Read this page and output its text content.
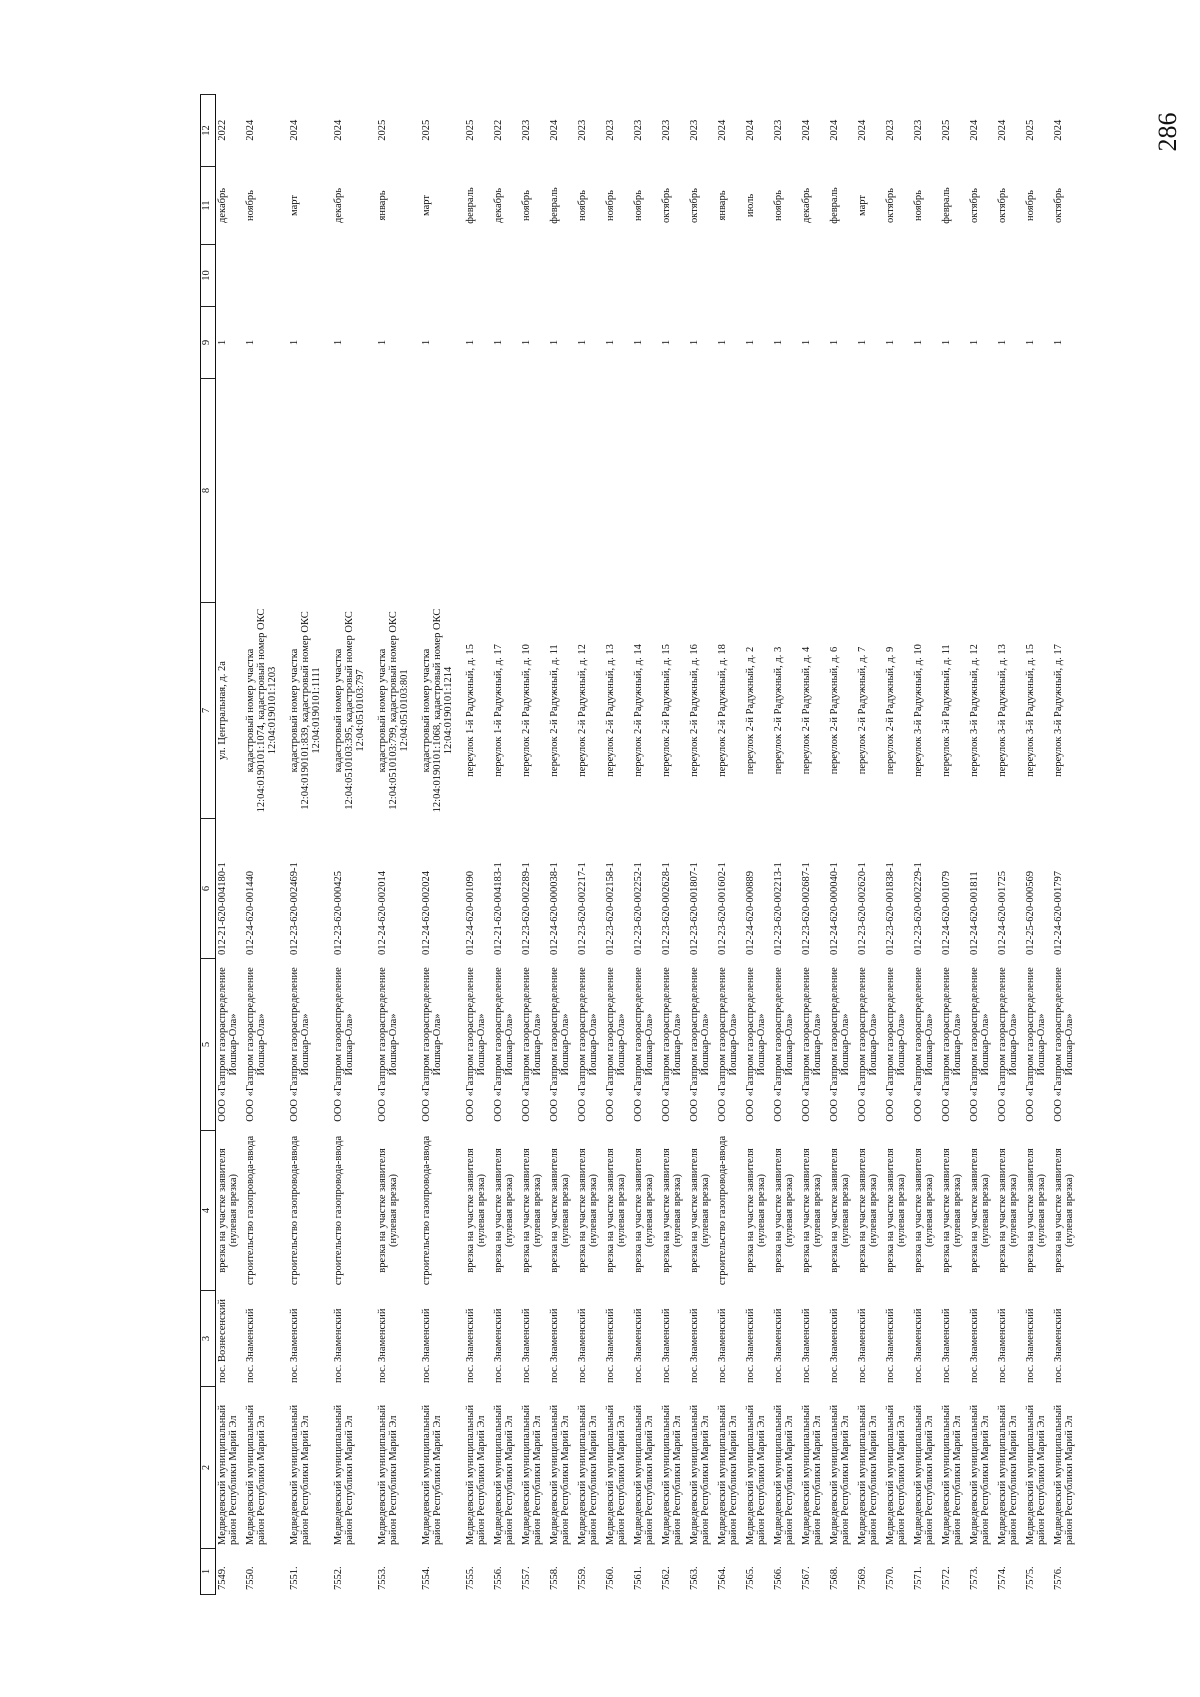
286
1	2	3	4	5	6	7	8	9	10	11	12
7549.	Медведевский муниципальный район Республики Марий Эл	пос. Вознесенский	врезка на участке заявителя (нулевая врезка)	ООО «Газпром газораспределение Йошкар-Ола»	012-21-620-004180-1	ул. Центральная, д. 2а		1		декабрь	2022
7550.	Медведевский муниципальный район Республики Марий Эл	пос. Знаменский	строительство газопровода-ввода	ООО «Газпром газораспределение Йошкар-Ола»	012-24-620-001440	кадастровый номер участка 12:04:0190101:1074, кадастровый номер ОКС 12:04:0190101:1203		1		ноябрь	2024
7551.	Медведевский муниципальный район Республики Марий Эл	пос. Знаменский	строительство газопровода-ввода	ООО «Газпром газораспределение Йошкар-Ола»	012-23-620-002469-1	кадастровый номер участка 12:04:0190101:839, кадастровый номер ОКС 12:04:0190101:1111		1		март	2024
7552.	Медведевский муниципальный район Республики Марий Эл	пос. Знаменский	строительство газопровода-ввода	ООО «Газпром газораспределение Йошкар-Ола»	012-23-620-000425	кадастровый номер участка 12:04:0510103:395, кадастровый номер ОКС 12:04:0510103:797		1		декабрь	2024
7553.	Медведевский муниципальный район Республики Марий Эл	пос. Знаменский	врезка на участке заявителя (нулевая врезка)	ООО «Газпром газораспределение Йошкар-Ола»	012-24-620-002014	кадастровый номер участка 12:04:0510103:799, кадастровый номер ОКС 12:04:0510103:801		1		январь	2025
7554.	Медведевский муниципальный район Республики Марий Эл	пос. Знаменский	строительство газопровода-ввода	ООО «Газпром газораспределение Йошкар-Ола»	012-24-620-002024	кадастровый номер участка 12:04:0190101:1068, кадастровый номер ОКС 12:04:0190101:1214		1		март	2025
7555.	Медведевский муниципальный район Республики Марий Эл	пос. Знаменский	врезка на участке заявителя (нулевая врезка)	ООО «Газпром газораспределение Йошкар-Ола»	012-24-620-001090	переулок 1-й Радужный, д. 15		1		февраль	2025
7556.	Медведевский муниципальный район Республики Марий Эл	пос. Знаменский	врезка на участке заявителя (нулевая врезка)	ООО «Газпром газораспределение Йошкар-Ола»	012-21-620-004183-1	переулок 1-й Радужный, д. 17		1		декабрь	2022
7557.	Медведевский муниципальный район Республики Марий Эл	пос. Знаменский	врезка на участке заявителя (нулевая врезка)	ООО «Газпром газораспределение Йошкар-Ола»	012-23-620-002289-1	переулок 2-й Радужный, д. 10		1		ноябрь	2023
7558.	Медведевский муниципальный район Республики Марий Эл	пос. Знаменский	врезка на участке заявителя (нулевая врезка)	ООО «Газпром газораспределение Йошкар-Ола»	012-24-620-000038-1	переулок 2-й Радужный, д. 11		1		февраль	2024
7559.	Медведевский муниципальный район Республики Марий Эл	пос. Знаменский	врезка на участке заявителя (нулевая врезка)	ООО «Газпром газораспределение Йошкар-Ола»	012-23-620-002217-1	переулок 2-й Радужный, д. 12		1		ноябрь	2023
7560.	Медведевский муниципальный район Республики Марий Эл	пос. Знаменский	врезка на участке заявителя (нулевая врезка)	ООО «Газпром газораспределение Йошкар-Ола»	012-23-620-002158-1	переулок 2-й Радужный, д. 13		1		ноябрь	2023
7561.	Медведевский муниципальный район Республики Марий Эл	пос. Знаменский	врезка на участке заявителя (нулевая врезка)	ООО «Газпром газораспределение Йошкар-Ола»	012-23-620-002252-1	переулок 2-й Радужный, д. 14		1		ноябрь	2023
7562.	Медведевский муниципальный район Республики Марий Эл	пос. Знаменский	врезка на участке заявителя (нулевая врезка)	ООО «Газпром газораспределение Йошкар-Ола»	012-23-620-002628-1	переулок 2-й Радужный, д. 15		1		октябрь	2023
7563.	Медведевский муниципальный район Республики Марий Эл	пос. Знаменский	врезка на участке заявителя (нулевая врезка)	ООО «Газпром газораспределение Йошкар-Ола»	012-23-620-001807-1	переулок 2-й Радужный, д. 16		1		октябрь	2023
7564.	Медведевский муниципальный район Республики Марий Эл	пос. Знаменский	строительство газопровода-ввода	ООО «Газпром газораспределение Йошкар-Ола»	012-23-620-001602-1	переулок 2-й Радужный, д. 18		1		январь	2024
7565.	Медведевский муниципальный район Республики Марий Эл	пос. Знаменский	врезка на участке заявителя (нулевая врезка)	ООО «Газпром газораспределение Йошкар-Ола»	012-24-620-000889	переулок 2-й Радужный, д. 2		1		июль	2024
7566.	Медведевский муниципальный район Республики Марий Эл	пос. Знаменский	врезка на участке заявителя (нулевая врезка)	ООО «Газпром газораспределение Йошкар-Ола»	012-23-620-002213-1	переулок 2-й Радужный, д. 3		1		ноябрь	2023
7567.	Медведевский муниципальный район Республики Марий Эл	пос. Знаменский	врезка на участке заявителя (нулевая врезка)	ООО «Газпром газораспределение Йошкар-Ола»	012-23-620-002687-1	переулок 2-й Радужный, д. 4		1		декабрь	2024
7568.	Медведевский муниципальный район Республики Марий Эл	пос. Знаменский	врезка на участке заявителя (нулевая врезка)	ООО «Газпром газораспределение Йошкар-Ола»	012-24-620-000040-1	переулок 2-й Радужный, д. 6		1		февраль	2024
7569.	Медведевский муниципальный район Республики Марий Эл	пос. Знаменский	врезка на участке заявителя (нулевая врезка)	ООО «Газпром газораспределение Йошкар-Ола»	012-23-620-002620-1	переулок 2-й Радужный, д. 7		1		март	2024
7570.	Медведевский муниципальный район Республики Марий Эл	пос. Знаменский	врезка на участке заявителя (нулевая врезка)	ООО «Газпром газораспределение Йошкар-Ола»	012-23-620-001838-1	переулок 2-й Радужный, д. 9		1		октябрь	2023
7571.	Медведевский муниципальный район Республики Марий Эл	пос. Знаменский	врезка на участке заявителя (нулевая врезка)	ООО «Газпром газораспределение Йошкар-Ола»	012-23-620-002229-1	переулок 3-й Радужный, д. 10		1		ноябрь	2023
7572.	Медведевский муниципальный район Республики Марий Эл	пос. Знаменский	врезка на участке заявителя (нулевая врезка)	ООО «Газпром газораспределение Йошкар-Ола»	012-24-620-001079	переулок 3-й Радужный, д. 11		1		февраль	2025
7573.	Медведевский муниципальный район Республики Марий Эл	пос. Знаменский	врезка на участке заявителя (нулевая врезка)	ООО «Газпром газораспределение Йошкар-Ола»	012-24-620-001811	переулок 3-й Радужный, д. 12		1		октябрь	2024
7574.	Медведевский муниципальный район Республики Марий Эл	пос. Знаменский	врезка на участке заявителя (нулевая врезка)	ООО «Газпром газораспределение Йошкар-Ола»	012-24-620-001725	переулок 3-й Радужный, д. 13		1		октябрь	2024
7575.	Медведевский муниципальный район Республики Марий Эл	пос. Знаменский	врезка на участке заявителя (нулевая врезка)	ООО «Газпром газораспределение Йошкар-Ола»	012-25-620-000569	переулок 3-й Радужный, д. 15		1		ноябрь	2025
7576.	Медведевский муниципальный район Республики Марий Эл	пос. Знаменский	врезка на участке заявителя (нулевая врезка)	ООО «Газпром газораспределение Йошкар-Ола»	012-24-620-001797	переулок 3-й Радужный, д. 17		1		октябрь	2024
